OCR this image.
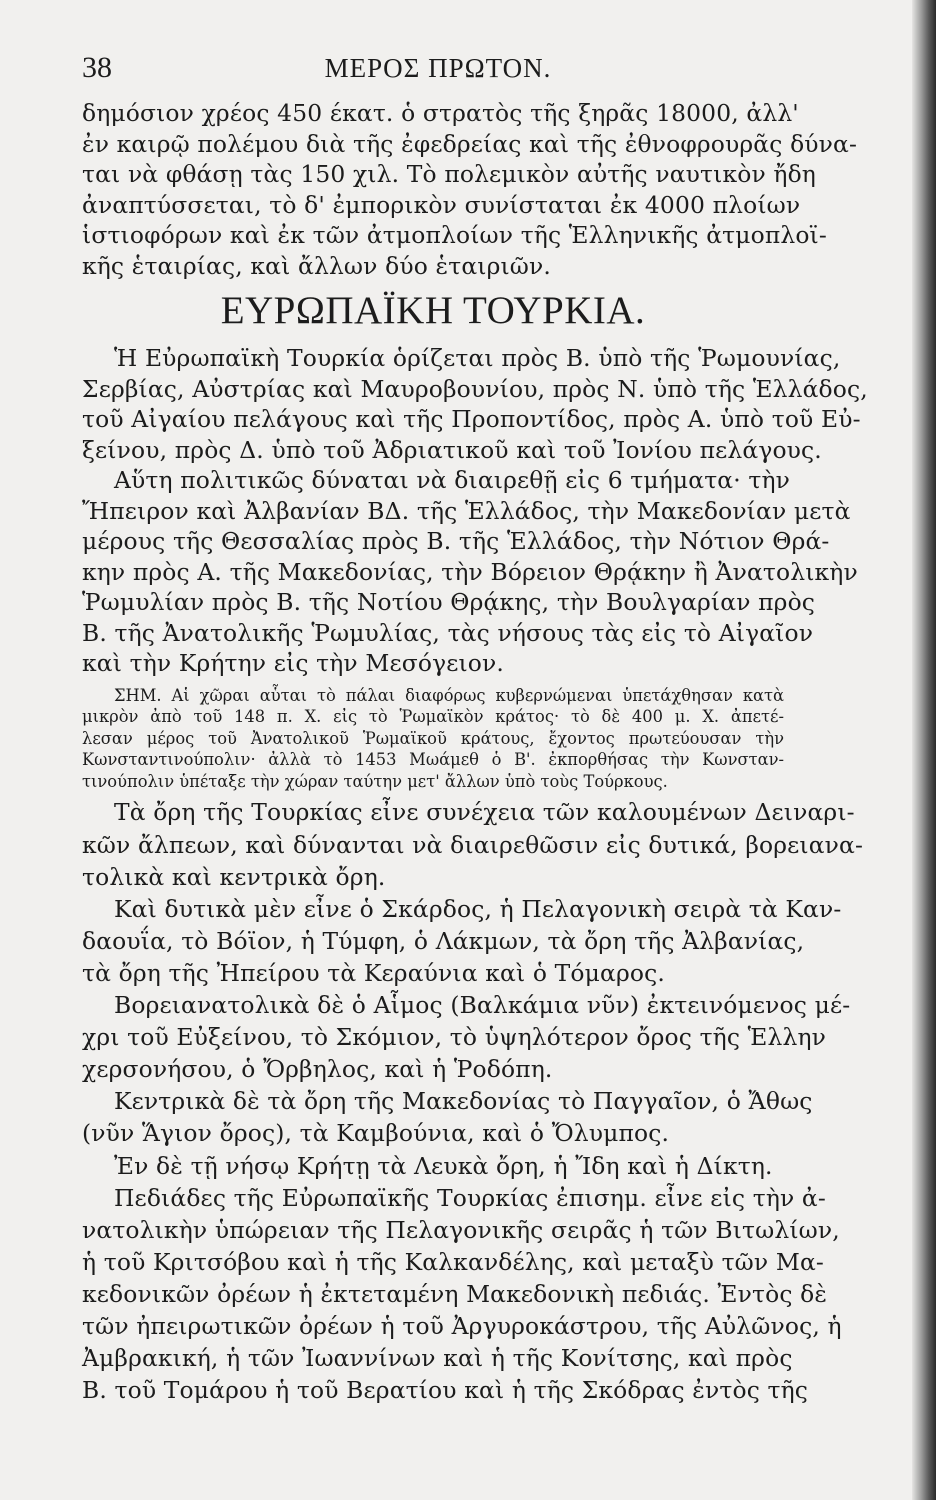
38	ΜΕΡΟΣ ΠΡΩΤΟΝ.
δημόσιον χρέος 450 έκατ. ὁ στρατὸς τῆς ξηρᾶς 18000, ἀλλ'
ἐν καιρῷ πολέμου διὰ τῆς ἐφεδρείας καὶ τῆς ἐθνοφρουρᾶς δύνα-
ται νὰ φθάσῃ τὰς 150 χιλ. Τὸ πολεμικὸν αὐτῆς ναυτικὸν ἤδη
ἀναπτύσσεται, τὸ δ' ἐμπορικὸν συνίσταται ἐκ 4000 πλοίων
ἱστιοφόρων καὶ ἐκ τῶν ἀτμοπλοίων τῆς Ἑλληνικῆς ἀτμοπλοϊ-
κῆς ἑταιρίας, καὶ ἄλλων δύο ἑταιριῶν.
ΕΥΡΩΠΑΪΚΗ ΤΟΥΡΚΙΑ.
Ἡ Εὐρωπαϊκὴ Τουρκία ὁρίζεται πρὸς Β. ὑπὸ τῆς Ῥωμουνίας,
Σερβίας, Αὐστρίας καὶ Μαυροβουνίου, πρὸς Ν. ὑπὸ τῆς Ἑλλάδος,
τοῦ Αἰγαίου πελάγους καὶ τῆς Προποντίδος, πρὸς Α. ὑπὸ τοῦ Εὐ-
ξείνου, πρὸς Δ. ὑπὸ τοῦ Ἀδριατικοῦ καὶ τοῦ Ἰονίου πελάγους.
Αὕτη πολιτικῶς δύναται νὰ διαιρεθῇ εἰς 6 τμήματα· τὴν
Ἤπειρον καὶ Ἀλβανίαν ΒΔ. τῆς Ἑλλάδος, τὴν Μακεδονίαν μετὰ
μέρους τῆς Θεσσαλίας πρὸς Β. τῆς Ἑλλάδος, τὴν Νότιον Θρά-
κην πρὸς Α. τῆς Μακεδονίας, τὴν Βόρειον Θρᾴκην ἢ Ἀνατολικὴν
Ῥωμυλίαν πρὸς Β. τῆς Νοτίου Θρᾴκης, τὴν Βουλγαρίαν πρὸς
Β. τῆς Ἀνατολικῆς Ῥωμυλίας, τὰς νήσους τὰς εἰς τὸ Αἰγαῖον
καὶ τὴν Κρήτην εἰς τὴν Μεσόγειον.
ΣΗΜ. Αἱ χῶραι αὗται τὸ πάλαι διαφόρως κυβερνώμεναι ὑπετάχθησαν κατὰ
μικρὸν ἀπὸ τοῦ 148 π. Χ. εἰς τὸ Ῥωμαϊκὸν κράτος· τὸ δὲ 400 μ. Χ. ἀπετέ-
λεσαν μέρος τοῦ Ἀνατολικοῦ Ῥωμαϊκοῦ κράτους, ἔχοντος πρωτεύουσαν τὴν
Κωνσταντινούπολιν· ἀλλὰ τὸ 1453 Μωάμεθ ὁ Β'. ἐκπορθήσας τὴν Κωνσταν-
τινούπολιν ὑπέταξε τὴν χώραν ταύτην μετ' ἄλλων ὑπὸ τοὺς Τούρκους.
Τὰ ὄρη τῆς Τουρκίας εἶνε συνέχεια τῶν καλουμένων Δειναρι-
κῶν ἄλπεων, καὶ δύνανται νὰ διαιρεθῶσιν εἰς δυτικά, βορειανα-
τολικὰ καὶ κεντρικὰ ὄρη.
Καὶ δυτικὰ μὲν εἶνε ὁ Σκάρδος, ἡ Πελαγονικὴ σειρὰ τὰ Καν-
δαουΐα, τὸ Βόϊον, ἡ Τύμφη, ὁ Λάκμων, τὰ ὄρη τῆς Ἀλβανίας,
τὰ ὄρη τῆς Ἠπείρου τὰ Κεραύνια καὶ ὁ Τόμαρος.
Βορειανατολικὰ δὲ ὁ Αἷμος (Βαλκάμια νῦν) ἐκτεινόμενος μέ-
χρι τοῦ Εὐξείνου, τὸ Σκόμιον, τὸ ὑψηλότερον ὄρος τῆς Ἑλλην
χερσονήσου, ὁ Ὄρβηλος, καὶ ἡ Ῥοδόπη.
Κεντρικὰ δὲ τὰ ὄρη τῆς Μακεδονίας τὸ Παγγαῖον, ὁ Ἄθως
(νῦν Ἅγιον ὄρος), τὰ Καμβούνια, καὶ ὁ Ὄλυμπος.
Ἐν δὲ τῇ νήσῳ Κρήτῃ τὰ Λευκὰ ὄρη, ἡ Ἴδη καὶ ἡ Δίκτη.
Πεδιάδες τῆς Εὐρωπαϊκῆς Τουρκίας ἐπισημ. εἶνε εἰς τὴν ἀ-
νατολικὴν ὑπώρειαν τῆς Πελαγονικῆς σειρᾶς ἡ τῶν Βιτωλίων,
ἡ τοῦ Κριτσόβου καὶ ἡ τῆς Καλκανδέλης, καὶ μεταξὺ τῶν Μα-
κεδονικῶν ὀρέων ἡ ἐκτεταμένη Μακεδονικὴ πεδιάς. Ἐντὸς δὲ
τῶν ἠπειρωτικῶν ὀρέων ἡ τοῦ Ἀργυροκάστρου, τῆς Αὐλῶνος, ἡ
Ἀμβρακική, ἡ τῶν Ἰωαννίνων καὶ ἡ τῆς Κονίτσης, καὶ πρὸς
Β. τοῦ Τομάρου ἡ τοῦ Βερατίου καὶ ἡ τῆς Σκόδρας ἐντὸς τῆς
